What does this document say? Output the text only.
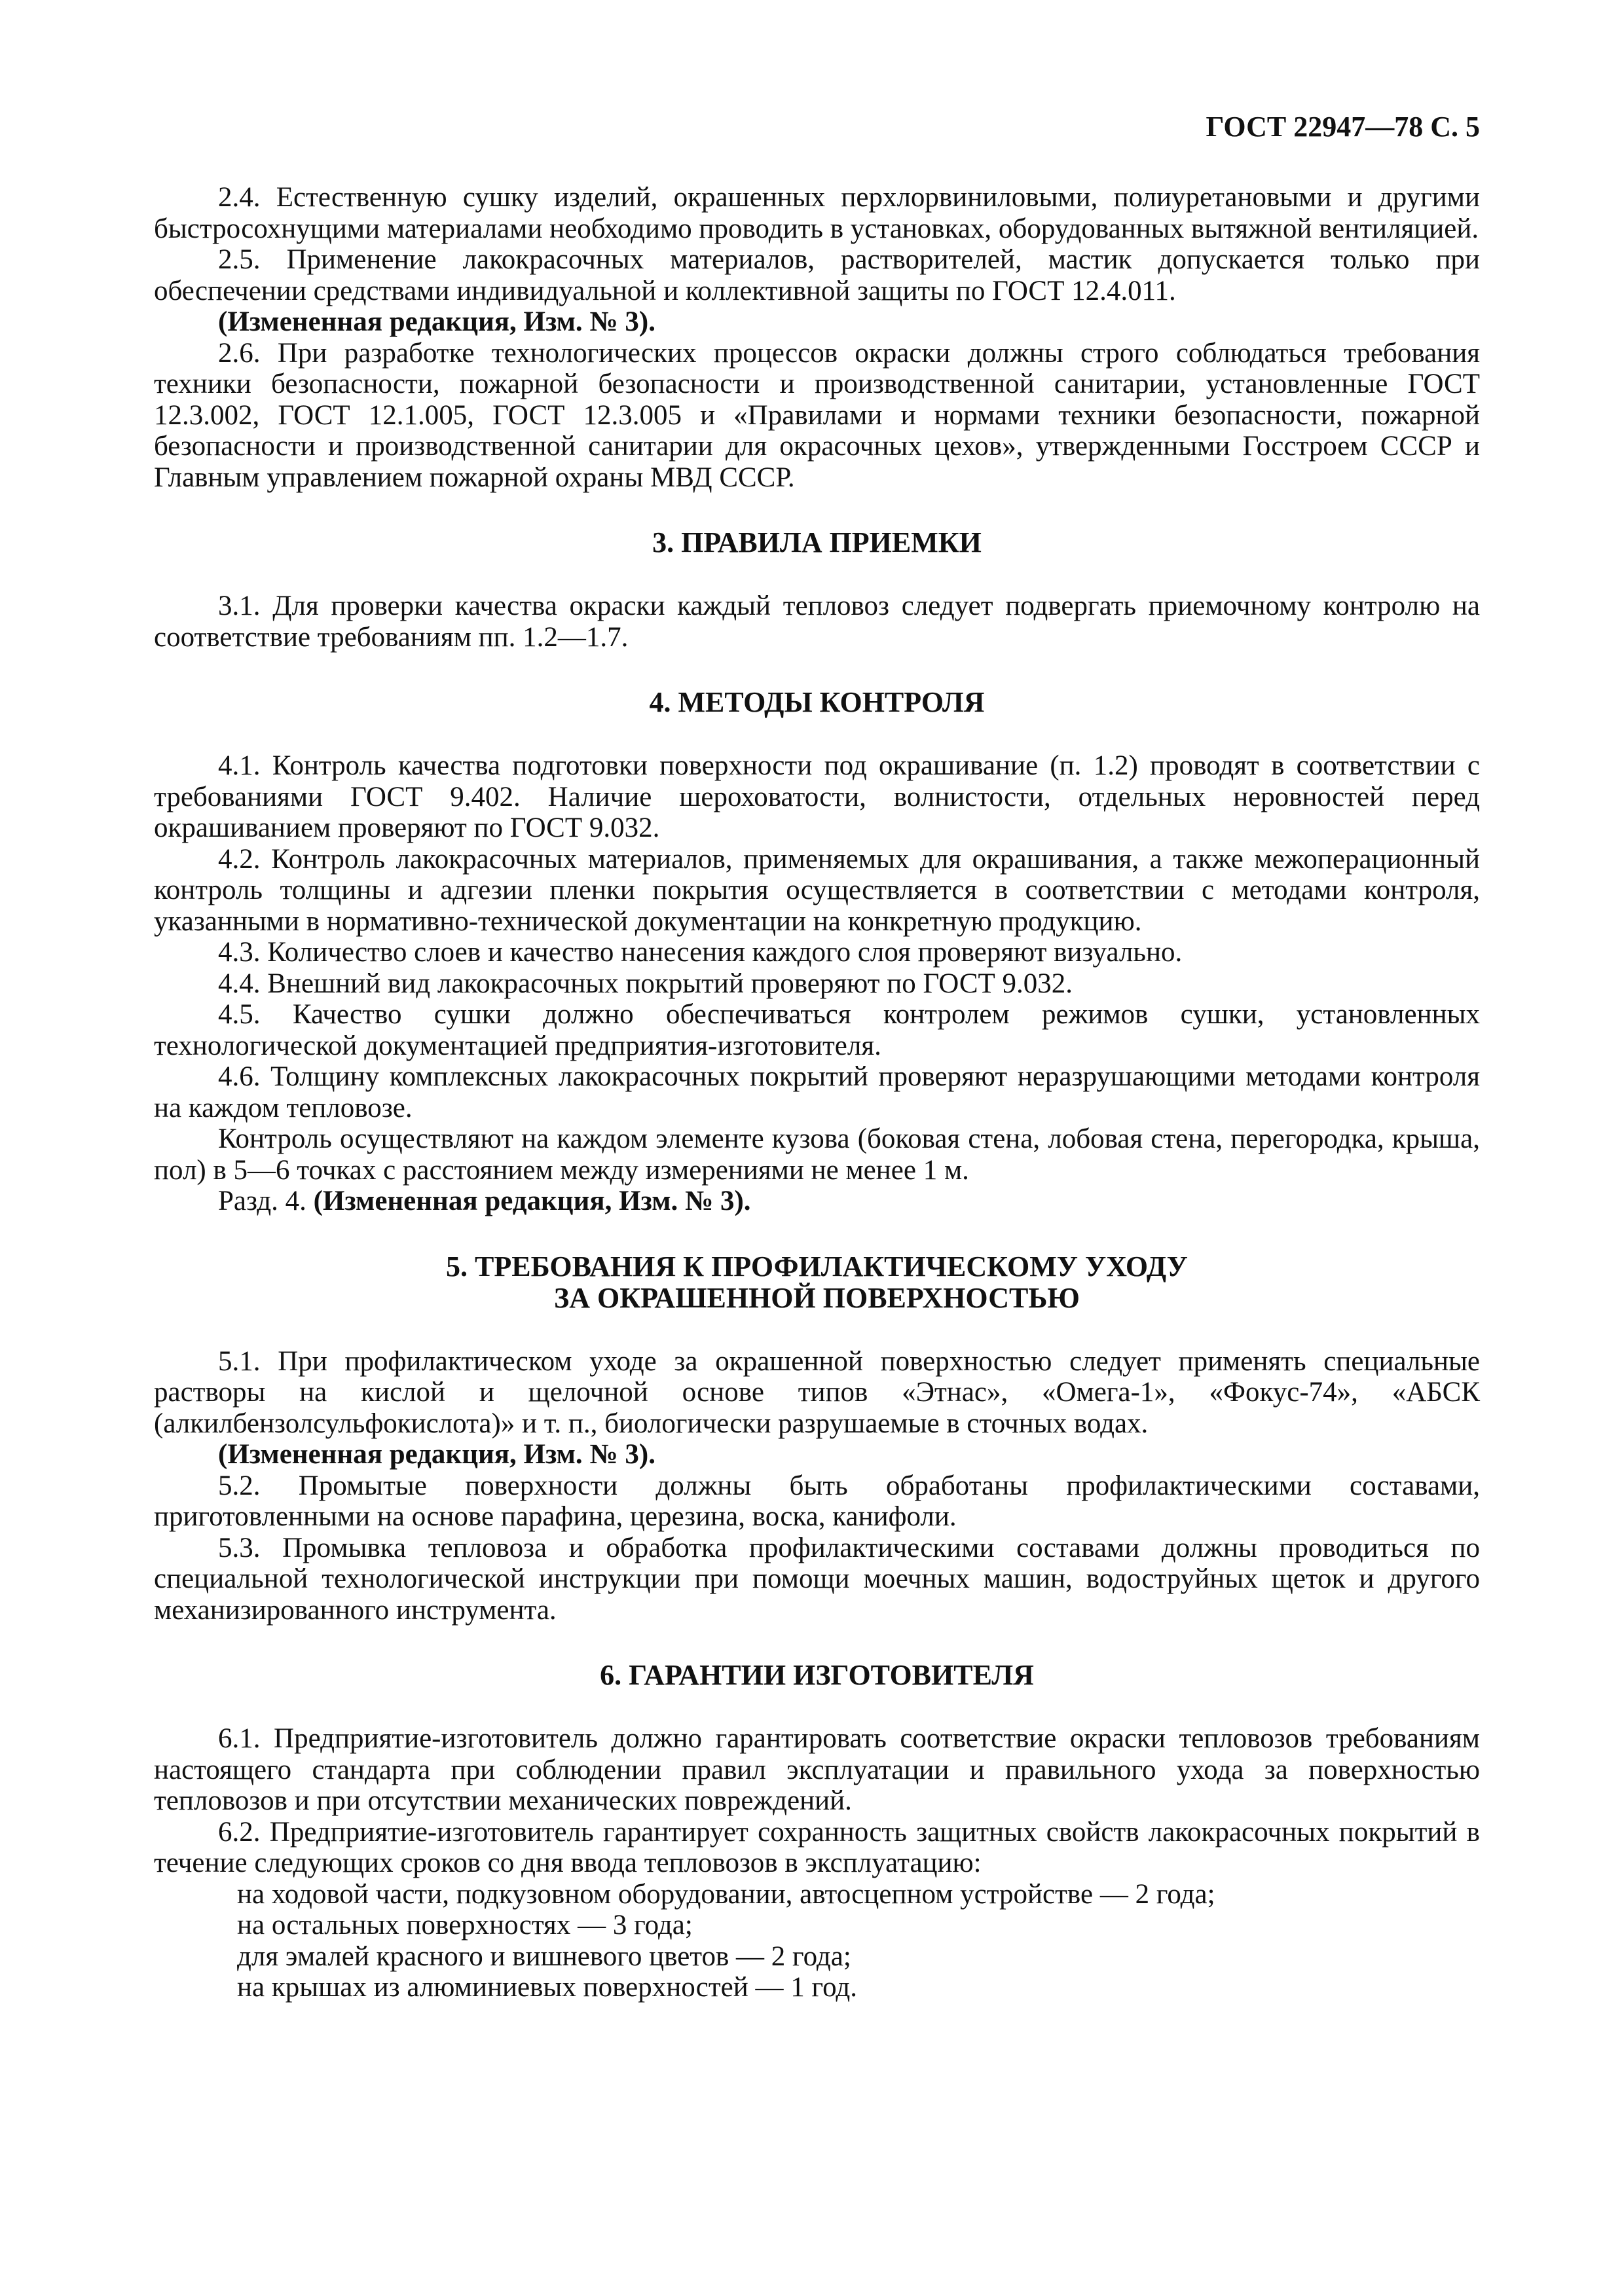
ГОСТ 22947—78 С. 5

2.4. Естественную сушку изделий, окрашенных перхлорвиниловыми, полиуретановыми и другими быстросохнущими материалами необходимо проводить в установках, оборудованных вытяжной вентиляцией.

2.5. Применение лакокрасочных материалов, растворителей, мастик допускается только при обеспечении средствами индивидуальной и коллективной защиты по ГОСТ 12.4.011.

(Измененная редакция, Изм. № 3).

2.6. При разработке технологических процессов окраски должны строго соблюдаться требования техники безопасности, пожарной безопасности и производственной санитарии, установленные ГОСТ 12.3.002, ГОСТ 12.1.005, ГОСТ 12.3.005 и «Правилами и нормами техники безопасности, пожарной безопасности и производственной санитарии для окрасочных цехов», утвержденными Госстроем СССР и Главным управлением пожарной охраны МВД СССР.

3. ПРАВИЛА ПРИЕМКИ

3.1. Для проверки качества окраски каждый тепловоз следует подвергать приемочному контролю на соответствие требованиям пп. 1.2—1.7.

4. МЕТОДЫ КОНТРОЛЯ

4.1. Контроль качества подготовки поверхности под окрашивание (п. 1.2) проводят в соответствии с требованиями ГОСТ 9.402. Наличие шероховатости, волнистости, отдельных неровностей перед окрашиванием проверяют по ГОСТ 9.032.

4.2. Контроль лакокрасочных материалов, применяемых для окрашивания, а также межоперационный контроль толщины и адгезии пленки покрытия осуществляется в соответствии с методами контроля, указанными в нормативно-технической документации на конкретную продукцию.

4.3. Количество слоев и качество нанесения каждого слоя проверяют визуально.

4.4. Внешний вид лакокрасочных покрытий проверяют по ГОСТ 9.032.

4.5. Качество сушки должно обеспечиваться контролем режимов сушки, установленных технологической документацией предприятия-изготовителя.

4.6. Толщину комплексных лакокрасочных покрытий проверяют неразрушающими методами контроля на каждом тепловозе.

Контроль осуществляют на каждом элементе кузова (боковая стена, лобовая стена, перегородка, крыша, пол) в 5—6 точках с расстоянием между измерениями не менее 1 м.

Разд. 4. (Измененная редакция, Изм. № 3).

5. ТРЕБОВАНИЯ К ПРОФИЛАКТИЧЕСКОМУ УХОДУ
ЗА ОКРАШЕННОЙ ПОВЕРХНОСТЬЮ

5.1. При профилактическом уходе за окрашенной поверхностью следует применять специальные растворы на кислой и щелочной основе типов «Этнас», «Омега-1», «Фокус-74», «АБСК (алкилбензолсульфокислота)» и т. п., биологически разрушаемые в сточных водах.

(Измененная редакция, Изм. № 3).

5.2. Промытые поверхности должны быть обработаны профилактическими составами, приготовленными на основе парафина, церезина, воска, канифоли.

5.3. Промывка тепловоза и обработка профилактическими составами должны проводиться по специальной технологической инструкции при помощи моечных машин, водоструйных щеток и другого механизированного инструмента.

6. ГАРАНТИИ ИЗГОТОВИТЕЛЯ

6.1. Предприятие-изготовитель должно гарантировать соответствие окраски тепловозов требованиям настоящего стандарта при соблюдении правил эксплуатации и правильного ухода за поверхностью тепловозов и при отсутствии механических повреждений.

6.2. Предприятие-изготовитель гарантирует сохранность защитных свойств лакокрасочных покрытий в течение следующих сроков со дня ввода тепловозов в эксплуатацию:

на ходовой части, подкузовном оборудовании, автосцепном устройстве — 2 года;

на остальных поверхностях — 3 года;

для эмалей красного и вишневого цветов — 2 года;

на крышах из алюминиевых поверхностей — 1 год.
